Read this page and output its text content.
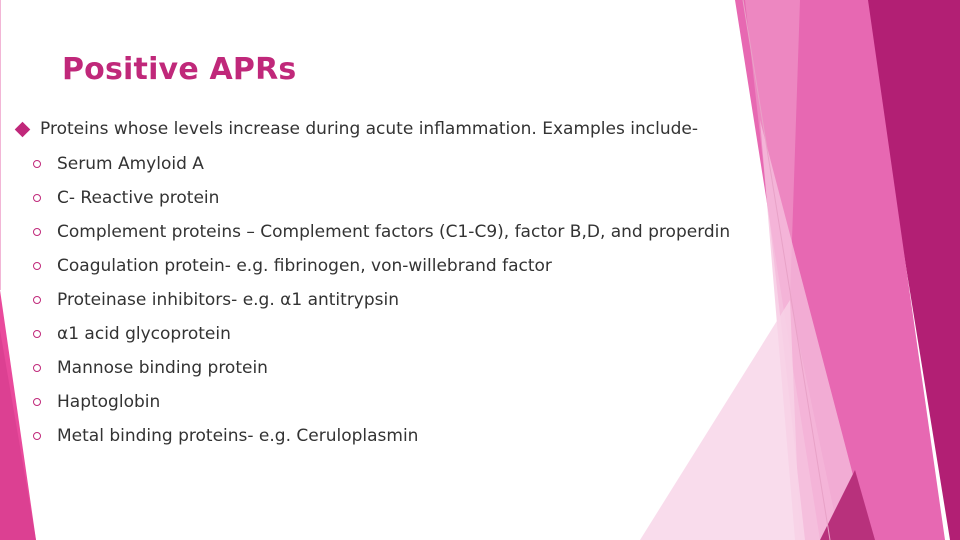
Positive APRs
Proteins whose levels increase during acute inflammation. Examples include-
Serum Amyloid A
C- Reactive protein
Complement proteins – Complement factors (C1-C9), factor B,D, and properdin
Coagulation protein- e.g. fibrinogen, von-willebrand factor
Proteinase inhibitors- e.g. α1 antitrypsin
α1 acid glycoprotein
Mannose binding protein
Haptoglobin
Metal binding proteins- e.g. Ceruloplasmin
